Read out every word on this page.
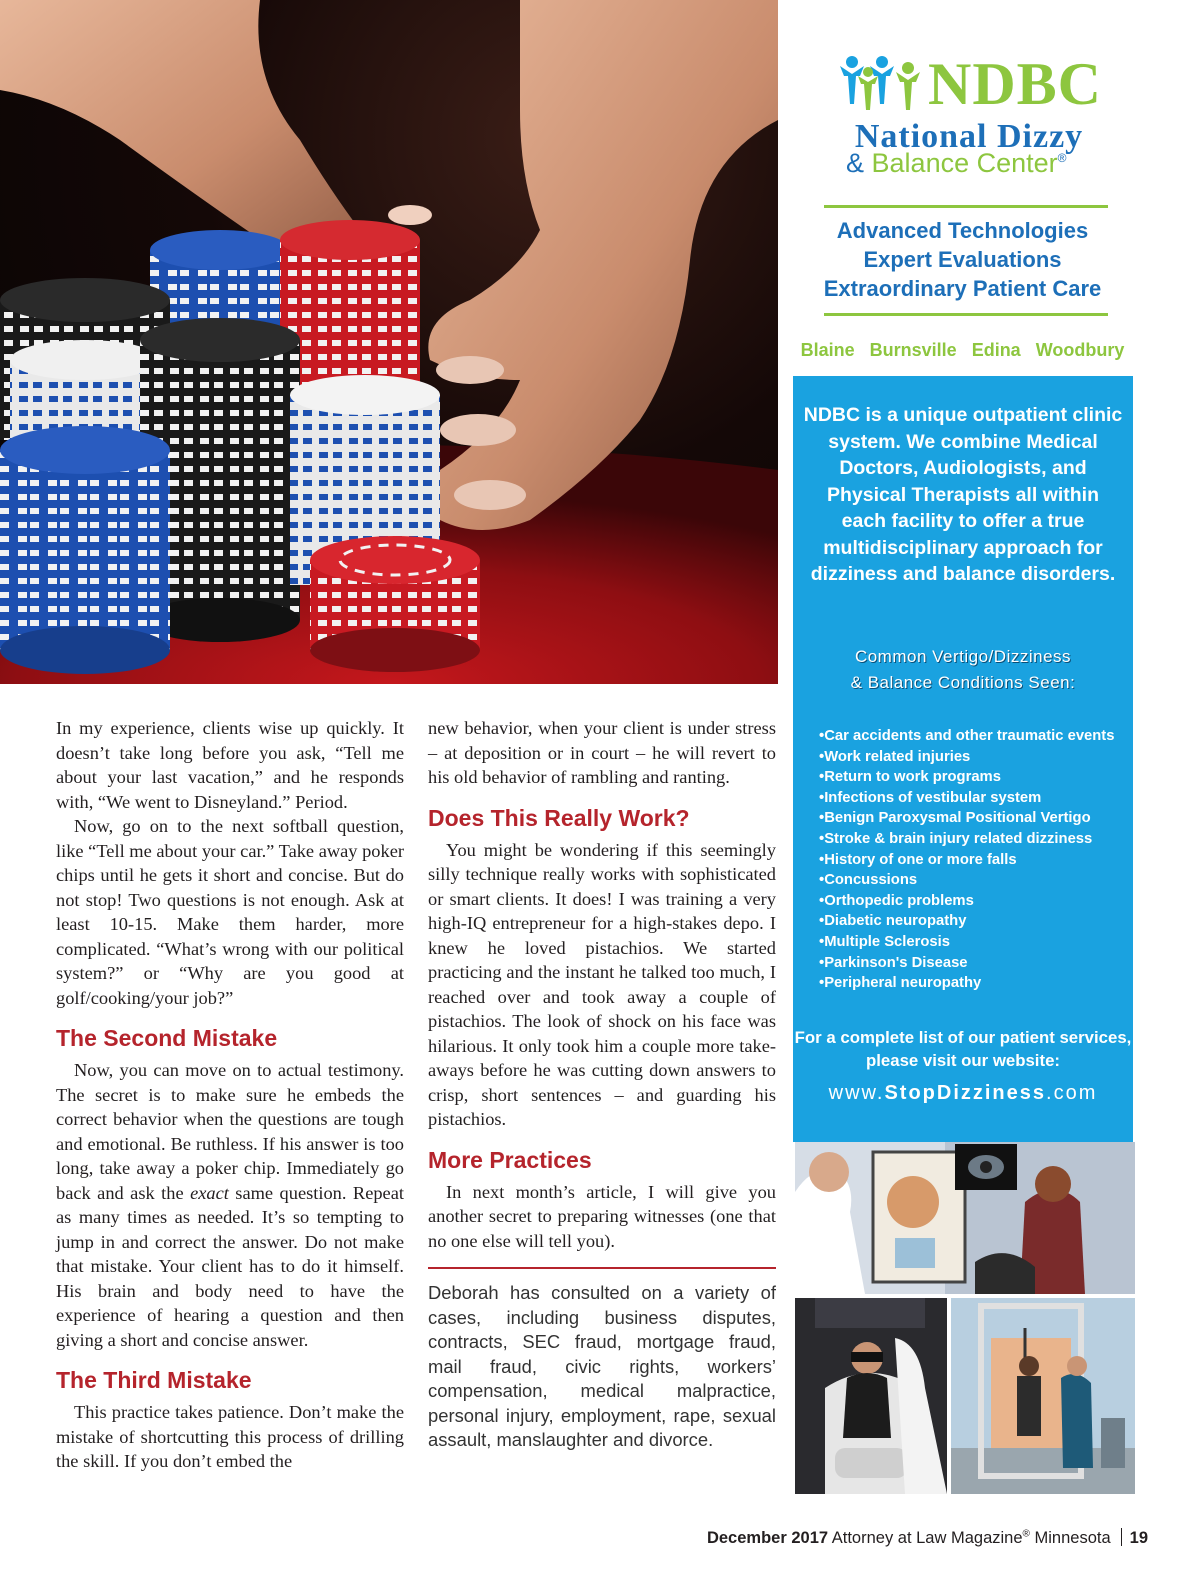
In my experience, clients wise up quickly. It doesn’t take long before you ask, “Tell me about your last vacation,” and he responds with, “We went to Disneyland.” Period.

Now, go on to the next softball question, like “Tell me about your car.” Take away poker chips until he gets it short and concise. But do not stop! Two questions is not enough. Ask at least 10-15. Make them harder, more complicated. “What’s wrong with our political system?” or “Why are you good at golf/cooking/your job?”

The Second Mistake

Now, you can move on to actual testimony. The secret is to make sure he embeds the correct behavior when the questions are tough and emotional. Be ruthless. If his answer is too long, take away a poker chip. Immediately go back and ask the exact same question. Repeat as many times as needed. It’s so tempting to jump in and correct the answer. Do not make that mistake. Your client has to do it himself. His brain and body need to have the experience of hearing a question and then giving a short and concise answer.

The Third Mistake

This practice takes patience. Don’t make the mistake of shortcutting this process of drilling the skill. If you don’t embed the

new behavior, when your client is under stress – at deposition or in court – he will revert to his old behavior of rambling and ranting.

Does This Really Work?

You might be wondering if this seemingly silly technique really works with sophisticated or smart clients. It does! I was training a very high-IQ entrepreneur for a high-stakes depo. I knew he loved pistachios. We started practicing and the instant he talked too much, I reached over and took away a couple of pistachios. The look of shock on his face was hilarious. It only took him a couple more take-aways before he was cutting down answers to crisp, short sentences – and guarding his pistachios.

More Practices

In next month’s article, I will give you another secret to preparing witnesses (one that no one else will tell you).

Deborah has consulted on a variety of cases, including business disputes, contracts, SEC fraud, mortgage fraud, mail fraud, civic rights, workers’ compensation, medical malpractice, personal injury, employment, rape, sexual assault, manslaughter and divorce.

NDBC
National Dizzy
& Balance Center®
Advanced Technologies
Expert Evaluations
Extraordinary Patient Care
Blaine Burnsville Edina Woodbury
NDBC is a unique outpatient clinic system. We combine Medical Doctors, Audiologists, and Physical Therapists all within each facility to offer a true multidisciplinary approach for dizziness and balance disorders.
Common Vertigo/Dizziness
& Balance Conditions Seen:
• Car accidents and other traumatic events
• Work related injuries
• Return to work programs
• Infections of vestibular system
• Benign Paroxysmal Positional Vertigo
• Stroke & brain injury related dizziness
• History of one or more falls
• Concussions
• Orthopedic problems
• Diabetic neuropathy
• Multiple Sclerosis
• Parkinson's Disease
• Peripheral neuropathy
For a complete list of our patient services, please visit our website:
www.StopDizziness.com
December 2017 Attorney at Law Magazine® Minnesota 19
